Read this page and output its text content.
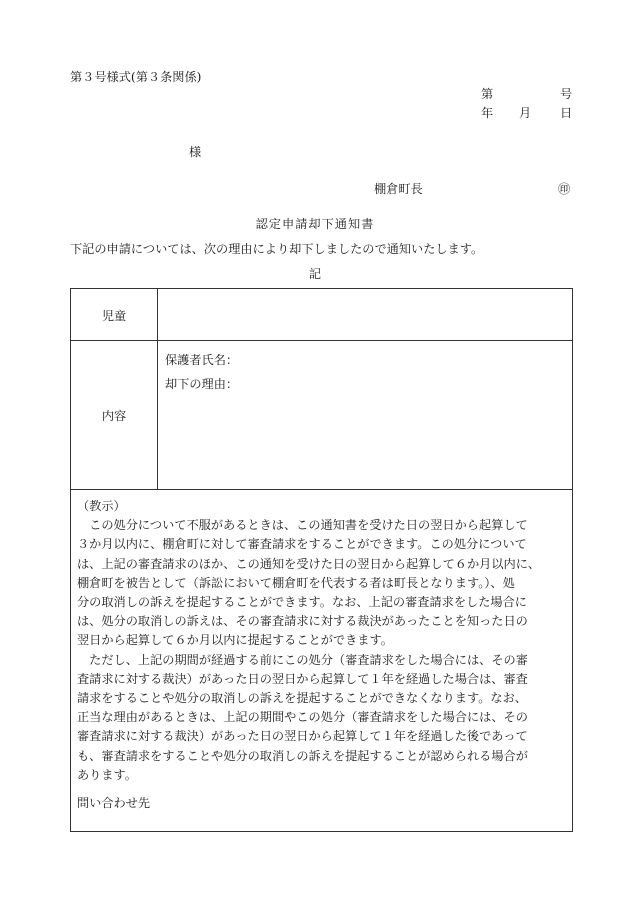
第３号様式(第３条関係)
第	号
年 月 日
様
棚倉町長	㊞
認定申請却下通知書
下記の申請については、次の理由により却下しましたので通知いたします。
記
児童
内容
保護者氏名：
却下の理由：
（教示）
　この処分について不服があるときは、この通知書を受けた日の翌日から起算して
３か月以内に、棚倉町に対して審査請求をすることができます。この処分について
は、上記の審査請求のほか、この通知を受けた日の翌日から起算して６か月以内に、
棚倉町を被告として（訴訟において棚倉町を代表する者は町長となります。）、処
分の取消しの訴えを提起することができます。なお、上記の審査請求をした場合に
は、処分の取消しの訴えは、その審査請求に対する裁決があったことを知った日の
翌日から起算して６か月以内に提起することができます。
　ただし、上記の期間が経過する前にこの処分（審査請求をした場合には、その審
査請求に対する裁決）があった日の翌日から起算して１年を経過した場合は、審査
請求をすることや処分の取消しの訴えを提起することができなくなります。なお、
正当な理由があるときは、上記の期間やこの処分（審査請求をした場合には、その
審査請求に対する裁決）があった日の翌日から起算して１年を経過した後であって
も、審査請求をすることや処分の取消しの訴えを提起することが認められる場合が
あります。
問い合わせ先
